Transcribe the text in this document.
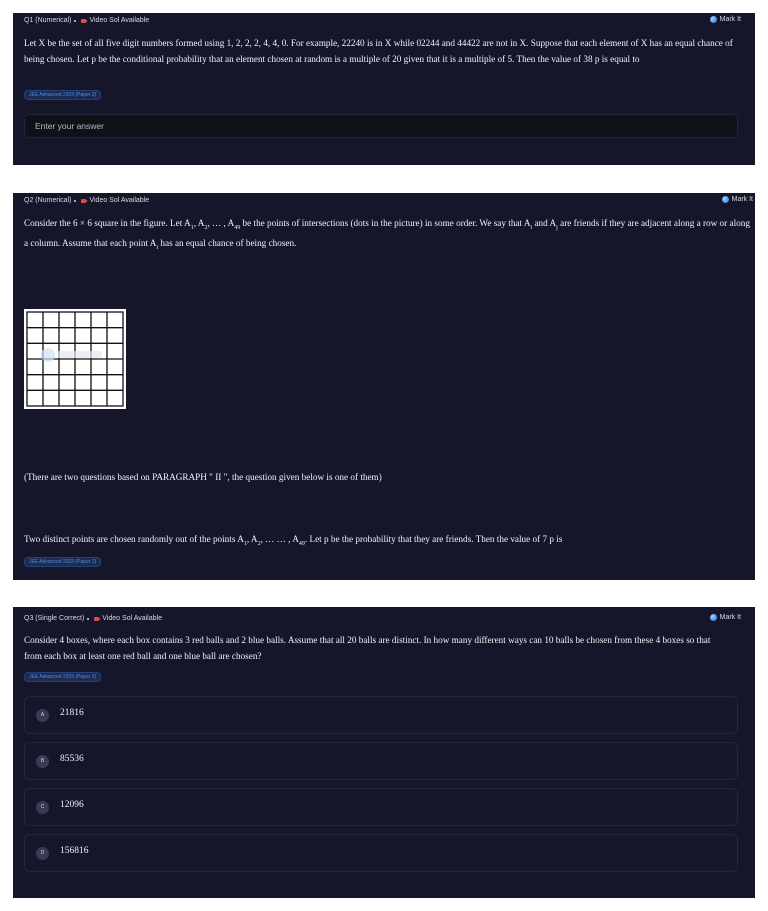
Q1 (Numerical)	Video Sol Available	Mark It
Let X be the set of all five digit numbers formed using 1, 2, 2, 2, 4, 4, 0. For example, 22240 is in X while 02244 and 44422 are not in X. Suppose that each element of X has an equal chance of being chosen. Let p be the conditional probability that an element chosen at random is a multiple of 20 given that it is a multiple of 5. Then the value of 38 p is equal to
JEE Advanced 2023 (Paper 2)
Enter your answer
Q2 (Numerical)	Video Sol Available	Mark It
Consider the 6 × 6 square in the figure. Let $A_1$, $A_2$, … , $A_{49}$ be the points of intersections (dots in the picture) in some order. We say that $A_i$ and $A_j$ are friends if they are adjacent along a row or along a column. Assume that each point $A_i$ has an equal chance of being chosen.
(There are two questions based on PARAGRAPH " II ", the question given below is one of them)
Two distinct points are chosen randomly out of the points $A_1$, $A_2$, … … , $A_{49}$. Let p be the probability that they are friends. Then the value of 7 p is
JEE Advanced 2023 (Paper 2)
Q3 (Single Correct)	Video Sol Available	Mark It
Consider 4 boxes, where each box contains 3 red balls and 2 blue balls. Assume that all 20 balls are distinct. In how many different ways can 10 balls be chosen from these 4 boxes so that from each box at least one red ball and one blue ball are chosen?
JEE Advanced 2023 (Paper 2)
A	21816
B	85536
C	12096
D	156816
